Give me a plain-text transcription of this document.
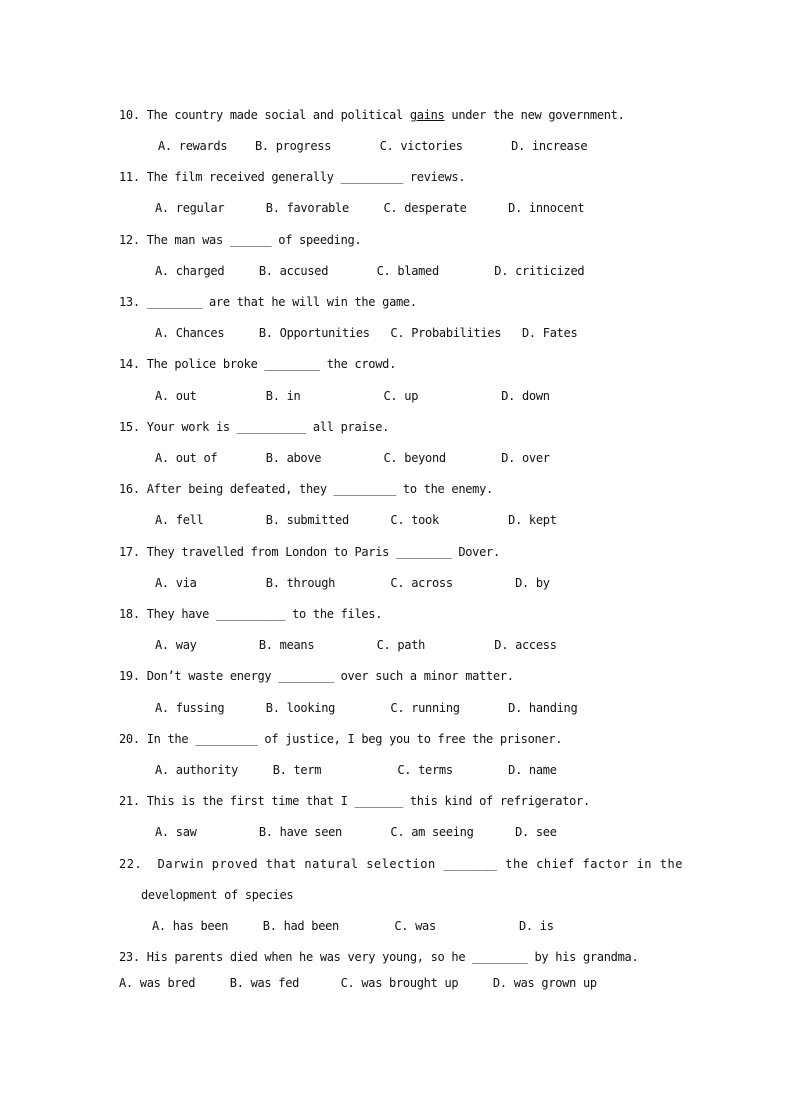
10. The country made social and political gains under the new government.
A. rewards    B. progress       C. victories       D. increase
11. The film received generally _________ reviews.
A. regular      B. favorable     C. desperate      D. innocent
12. The man was ______ of speeding.
A. charged     B. accused       C. blamed        D. criticized
13. ________ are that he will win the game.
A. Chances     B. Opportunities   C. Probabilities   D. Fates
14. The police broke ________ the crowd.
A. out          B. in            C. up            D. down
15. Your work is __________ all praise.
A. out of       B. above         C. beyond        D. over
16. After being defeated, they _________ to the enemy.
A. fell         B. submitted      C. took          D. kept
17. They travelled from London to Paris ________ Dover.
A. via          B. through        C. across         D. by
18. They have __________ to the files.
A. way         B. means         C. path          D. access
19. Don’t waste energy ________ over such a minor matter.
A. fussing      B. looking        C. running       D. handing
20. In the _________ of justice, I beg you to free the prisoner.
A. authority     B. term           C. terms        D. name
21. This is the first time that I _______ this kind of refrigerator.
A. saw         B. have seen       C. am seeing      D. see
22. Darwin proved that natural selection _______ the chief factor in the
development of species
A. has been     B. had been        C. was            D. is
23. His parents died when he was very young, so he ________ by his grandma.
A. was bred     B. was fed      C. was brought up     D. was grown up
